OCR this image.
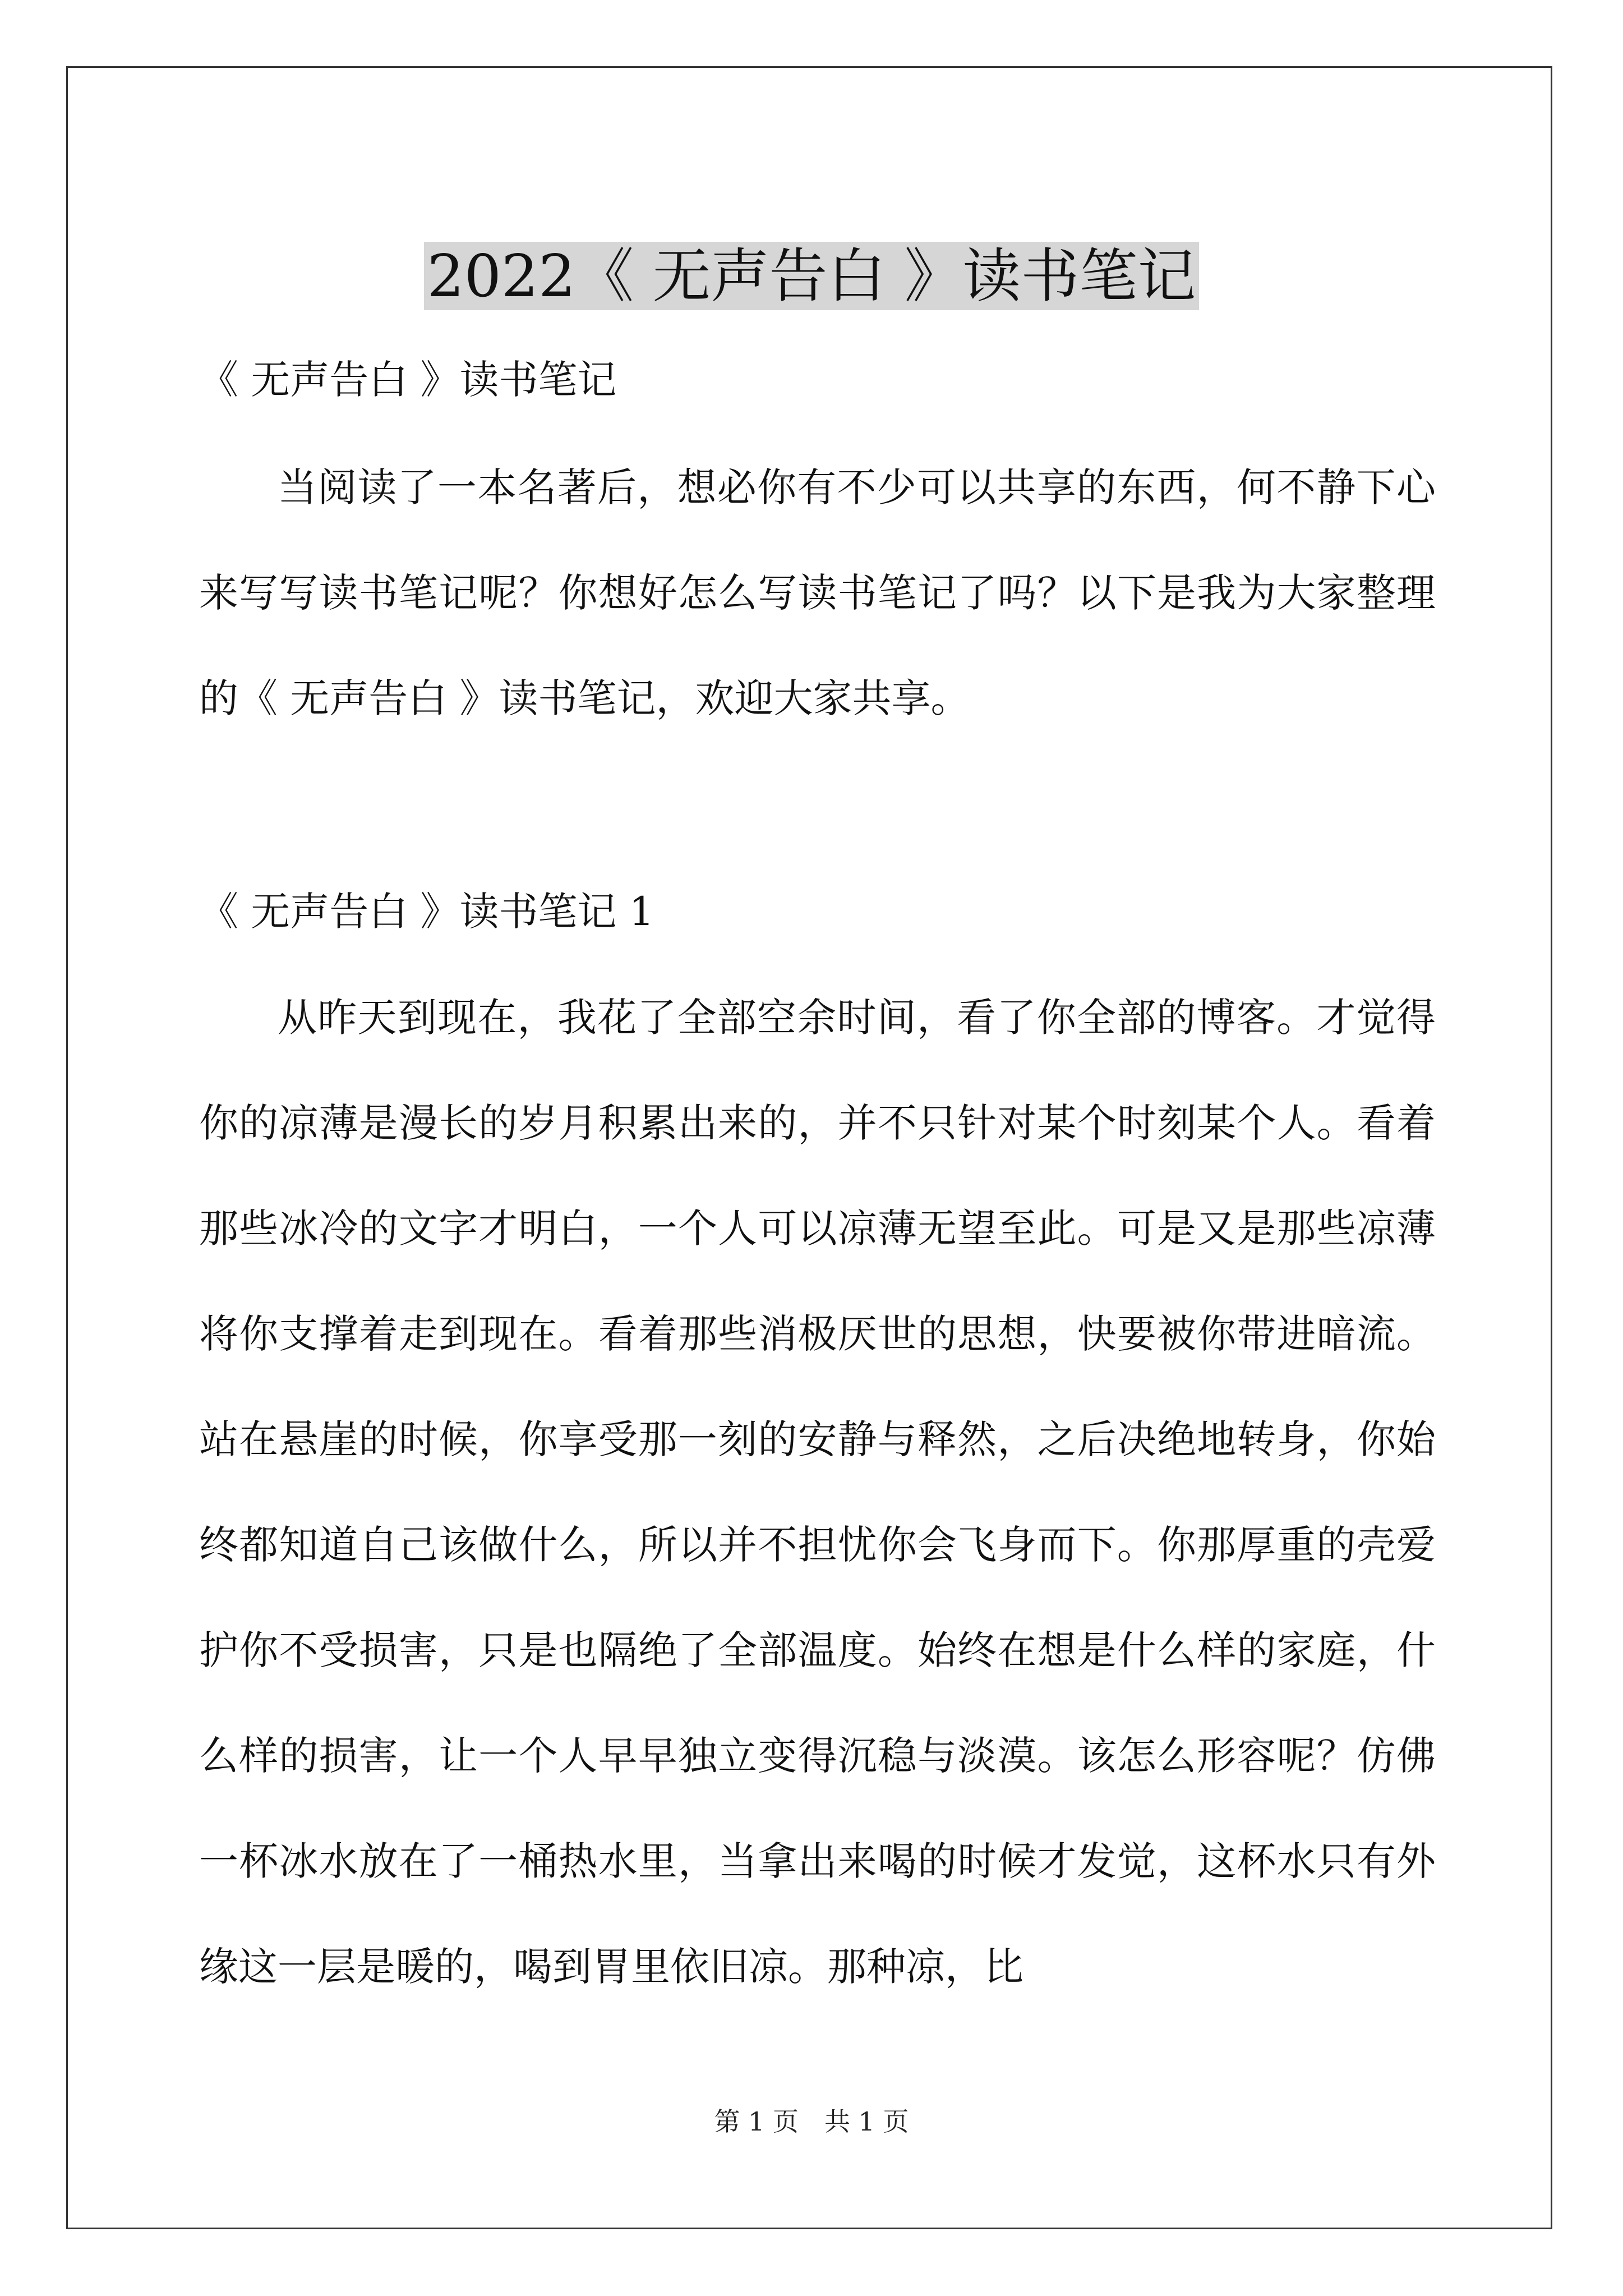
2022《 无声告白 》读书笔记
《 无声告白 》读书笔记
当阅读了一本名著后，想必你有不少可以共享的东西，何不静下心来写写读书笔记呢？你想好怎么写读书笔记了吗？以下是我为大家整理的《 无声告白 》读书笔记，欢迎大家共享。
《 无声告白 》读书笔记 1
从昨天到现在，我花了全部空余时间，看了你全部的博客。才觉得你的凉薄是漫长的岁月积累出来的，并不只针对某个时刻某个人。看着那些冰冷的文字才明白，一个人可以凉薄无望至此。可是又是那些凉薄将你支撑着走到现在。看着那些消极厌世的思想，快要被你带进暗流。站在悬崖的时候，你享受那一刻的安静与释然，之后决绝地转身，你始终都知道自己该做什么，所以并不担忧你会飞身而下。你那厚重的壳爱护你不受损害，只是也隔绝了全部温度。始终在想是什么样的家庭，什么样的损害，让一个人早早独立变得沉稳与淡漠。该怎么形容呢？仿佛一杯冰水放在了一桶热水里，当拿出来喝的时候才发觉，这杯水只有外缘这一层是暖的，喝到胃里依旧凉。那种凉，比
第 1 页　共 1 页
